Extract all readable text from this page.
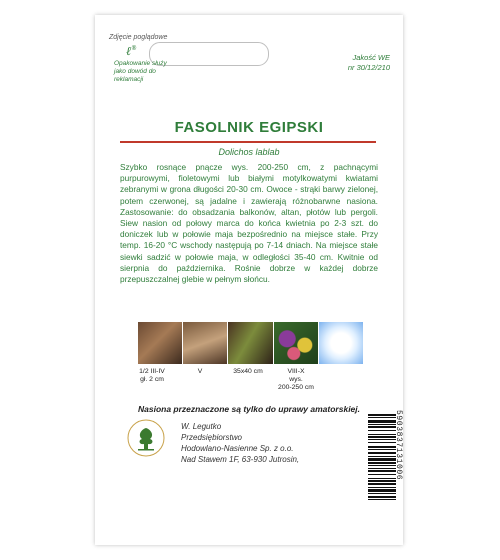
Zdjęcie poglądowe
ℓ®
Opakowanie służy jako dowód do reklamacji
Jakość WE
nr 30/12/210
FASOLNIK EGIPSKI
Dolichos lablab
Szybko rosnące pnącze wys. 200-250 cm, z pachnącymi purpurowymi, fioletowymi lub białymi motylkowatymi kwiatami zebranymi w grona długości 20-30 cm. Owoce - strąki barwy zielonej, potem czerwonej, są jadalne i zawierają różnobarwne nasiona. Zastosowanie: do obsadzania balkonów, altan, płotów lub pergoli. Siew nasion od połowy marca do końca kwietnia po 2-3 szt. do doniczek lub w połowie maja bezpośrednio na miejsce stałe. Przy temp. 16-20 °C wschody następują po 7-14 dniach. Na miejsce stałe siewki sadzić w połowie maja, w odległości 35-40 cm. Kwitnie od sierpnia do października. Rośnie dobrze w każdej dobrze przepuszczalnej glebie w pełnym słońcu.
1/2 III-IV
gł. 2 cm
V	35x40 cm	VIII-X
wys.
200-250 cm
Nasiona przeznaczone są tylko do uprawy amatorskiej.
W. Legutko
Przedsiębiorstwo
Hodowlano-Nasienne Sp. z o.o.
Nad Stawem 1F, 63-930 Jutrosin,	5903837131006
